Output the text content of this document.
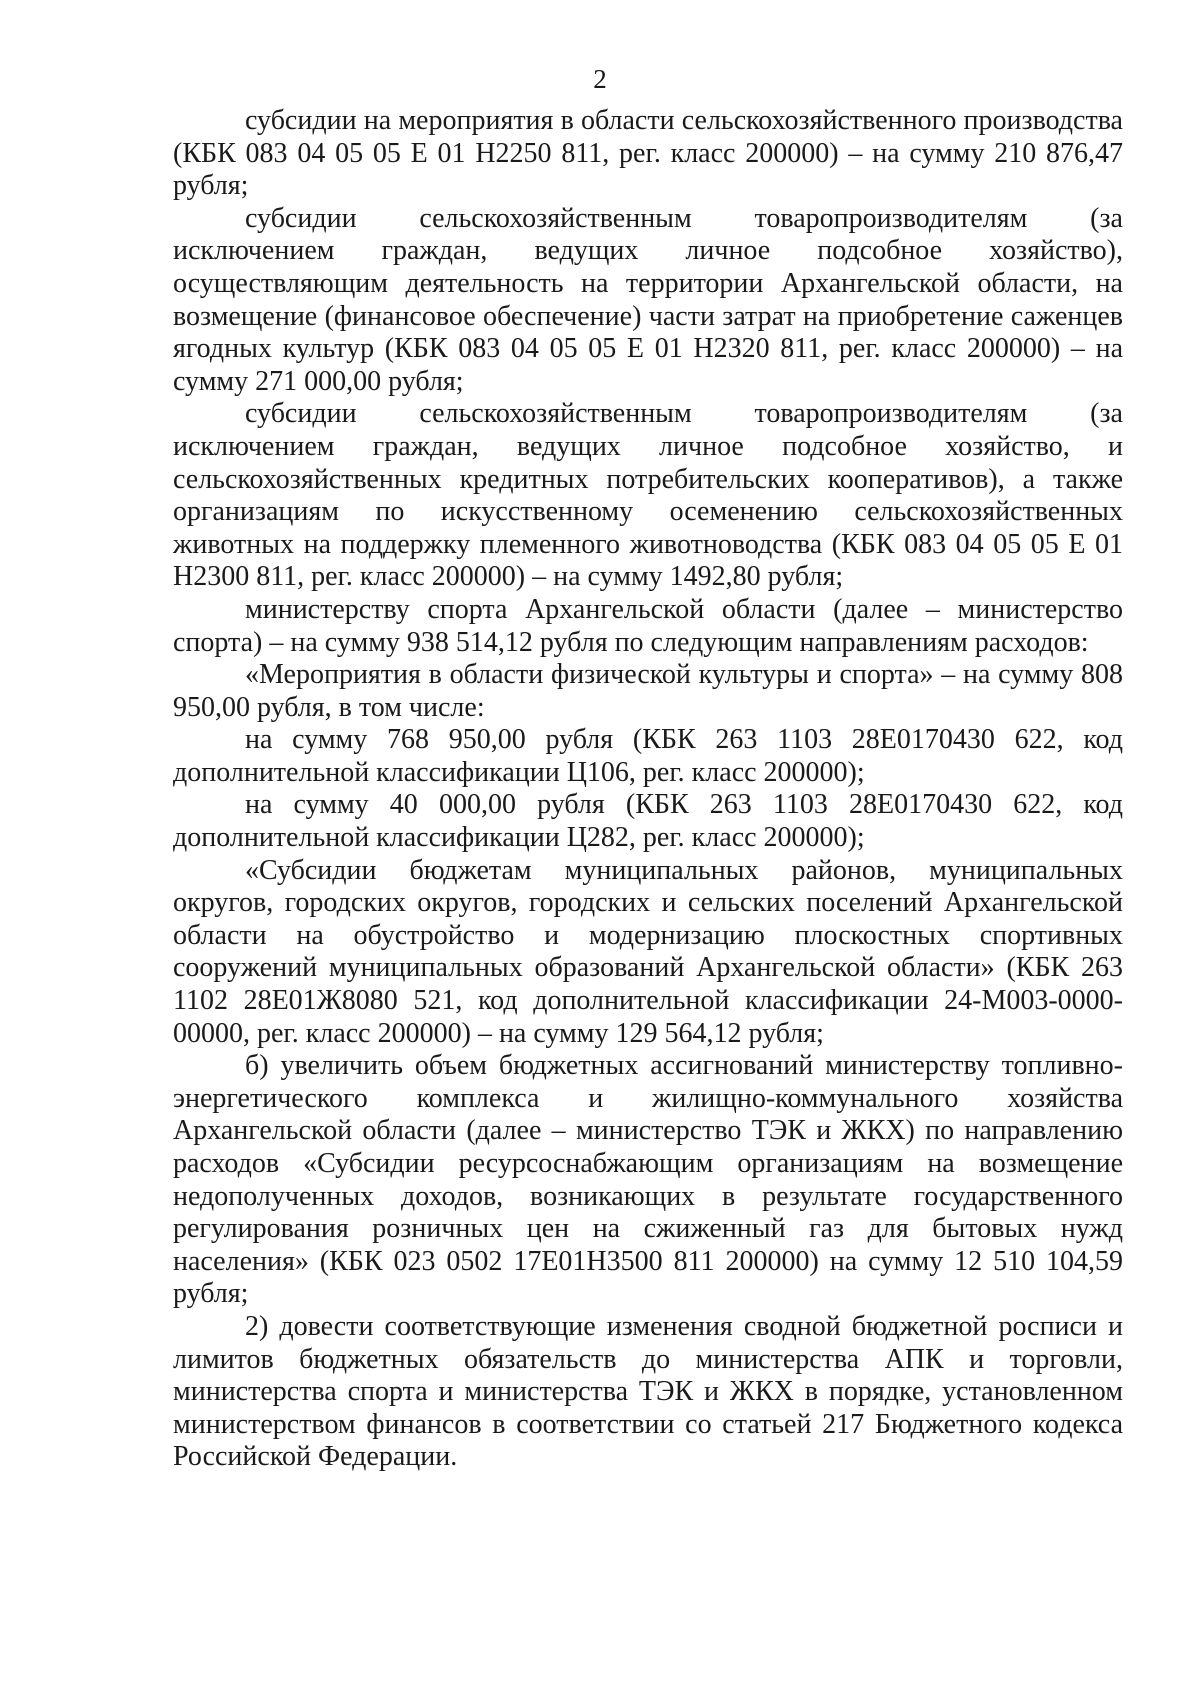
2

субсидии на мероприятия в области сельскохозяйственного производства (КБК 083 04 05 05 Е 01 Н2250 811, рег. класс 200000) – на сумму 210 876,47 рубля;

субсидии сельскохозяйственным товаропроизводителям (за исключением граждан, ведущих личное подсобное хозяйство), осуществляющим деятельность на территории Архангельской области, на возмещение (финансовое обеспечение) части затрат на приобретение саженцев ягодных культур (КБК 083 04 05 05 Е 01 Н2320 811, рег. класс 200000) – на сумму 271 000,00 рубля;

субсидии сельскохозяйственным товаропроизводителям (за исключением граждан, ведущих личное подсобное хозяйство, и сельскохозяйственных кредитных потребительских кооперативов), а также организациям по искусственному осеменению сельскохозяйственных животных на поддержку племенного животноводства (КБК 083 04 05 05 Е 01 Н2300 811, рег. класс 200000) – на сумму 1492,80 рубля;

министерству спорта Архангельской области (далее – министерство спорта) – на сумму 938 514,12 рубля по следующим направлениям расходов:

«Мероприятия в области физической культуры и спорта» – на сумму 808 950,00 рубля, в том числе:

на сумму 768 950,00 рубля (КБК 263 1103 28Е0170430 622, код дополнительной классификации Ц106, рег. класс 200000);

на сумму 40 000,00 рубля (КБК 263 1103 28Е0170430 622, код дополнительной классификации Ц282, рег. класс 200000);

«Субсидии бюджетам муниципальных районов, муниципальных округов, городских округов, городских и сельских поселений Архангельской области на обустройство и модернизацию плоскостных спортивных сооружений муниципальных образований Архангельской области» (КБК 263 1102 28Е01Ж8080 521, код дополнительной классификации 24-М003-0000-00000, рег. класс 200000) – на сумму 129 564,12 рубля;

б) увеличить объем бюджетных ассигнований министерству топливно-энергетического комплекса и жилищно-коммунального хозяйства Архангельской области (далее – министерство ТЭК и ЖКХ) по направлению расходов «Субсидии ресурсоснабжающим организациям на возмещение недополученных доходов, возникающих в результате государственного регулирования розничных цен на сжиженный газ для бытовых нужд населения» (КБК 023 0502 17Е01Н3500 811 200000) на сумму 12 510 104,59 рубля;

2) довести соответствующие изменения сводной бюджетной росписи и лимитов бюджетных обязательств до министерства АПК и торговли, министерства спорта и министерства ТЭК и ЖКХ в порядке, установленном министерством финансов в соответствии со статьей 217 Бюджетного кодекса Российской Федерации.
